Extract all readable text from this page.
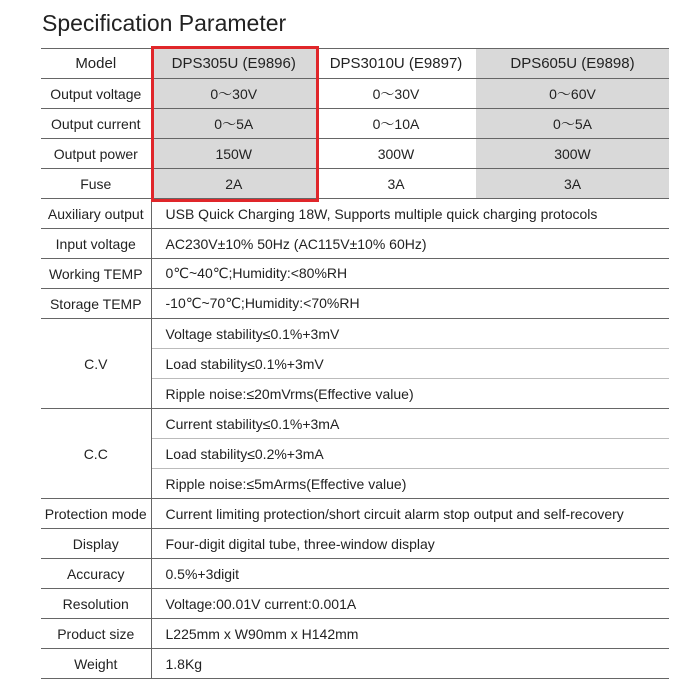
Specification Parameter
Model	DPS305U (E9896)	DPS3010U (E9897)	DPS605U (E9898)
Output voltage	0～30V	0～30V	0～60V
Output current	0～5A	0～10A	0～5A
Output power	150W	300W	300W
Fuse	2A	3A	3A
Auxiliary output	USB Quick Charging 18W, Supports multiple quick charging protocols		
Input voltage	AC230V±10% 50Hz (AC115V±10% 60Hz)		
Working TEMP	0℃~40℃;Humidity:<80%RH		
Storage TEMP	-10℃~70℃;Humidity:<70%RH		
C.V	Voltage stability≤0.1%+3mV		
	Load stability≤0.1%+3mV		
	Ripple noise:≤20mVrms(Effective value)		
C.C	Current stability≤0.1%+3mA		
	Load stability≤0.2%+3mA		
	Ripple noise:≤5mArms(Effective value)		
Protection mode	Current limiting protection/short circuit alarm stop output and self-recovery		
Display	Four-digit digital tube, three-window display		
Accuracy	0.5%+3digit		
Resolution	Voltage:00.01V current:0.001A		
Product size	L225mm x W90mm x H142mm		
Weight	1.8Kg		
